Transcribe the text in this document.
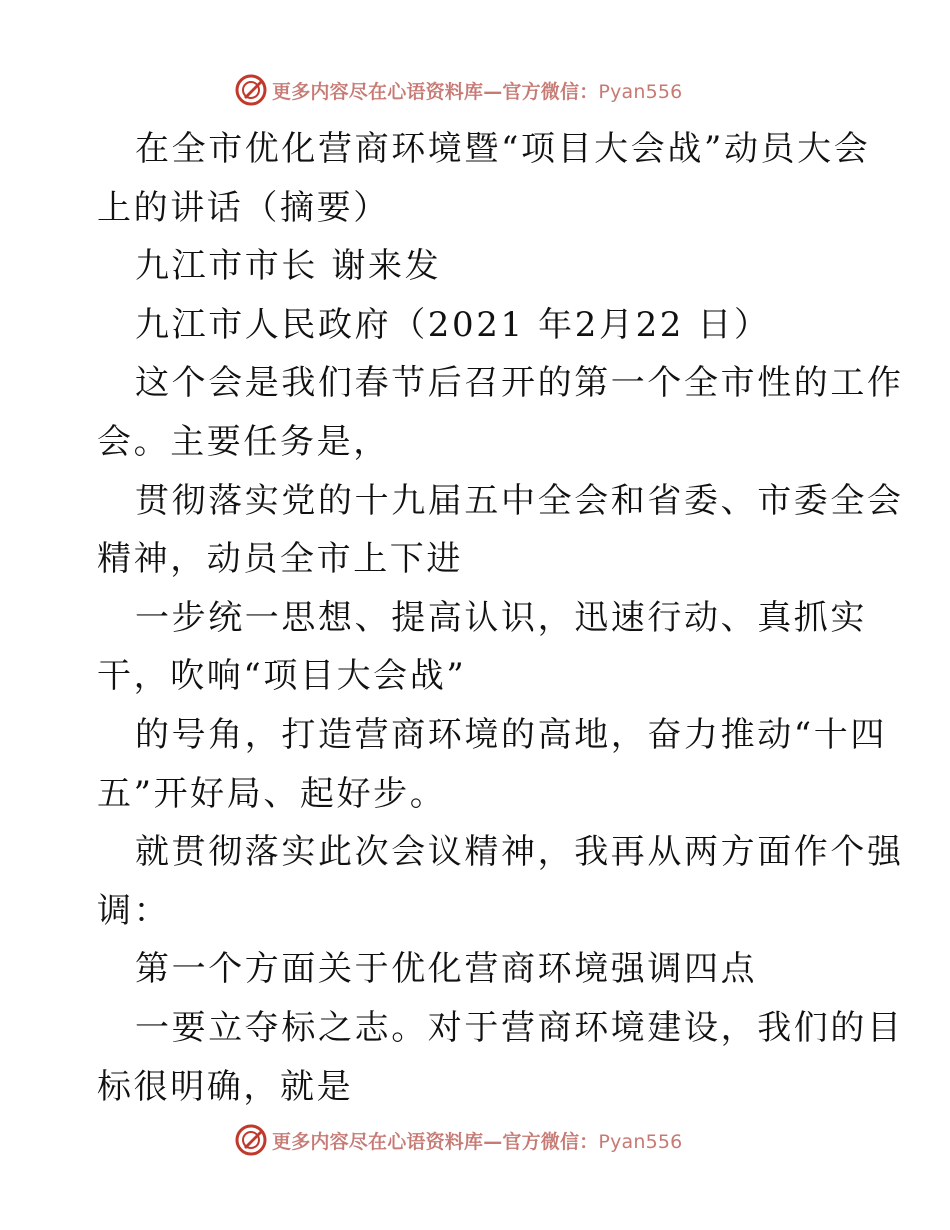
更多内容尽在心语资料库—官方微信：Pyan556
在全市优化营商环境暨“项目大会战”动员大会
上的讲话（摘要）
九江市市长 谢来发
九江市人民政府（2021 年2月22 日）
这个会是我们春节后召开的第一个全市性的工作
会。主要任务是，
贯彻落实党的十九届五中全会和省委、市委全会
精神，动员全市上下进
一步统一思想、提高认识，迅速行动、真抓实
干，吹响“项目大会战”
的号角，打造营商环境的高地，奋力推动“十四
五”开好局、起好步。
就贯彻落实此次会议精神，我再从两方面作个强
调：
第一个方面关于优化营商环境强调四点
一要立夺标之志。对于营商环境建设，我们的目
标很明确，就是
更多内容尽在心语资料库—官方微信：Pyan556
